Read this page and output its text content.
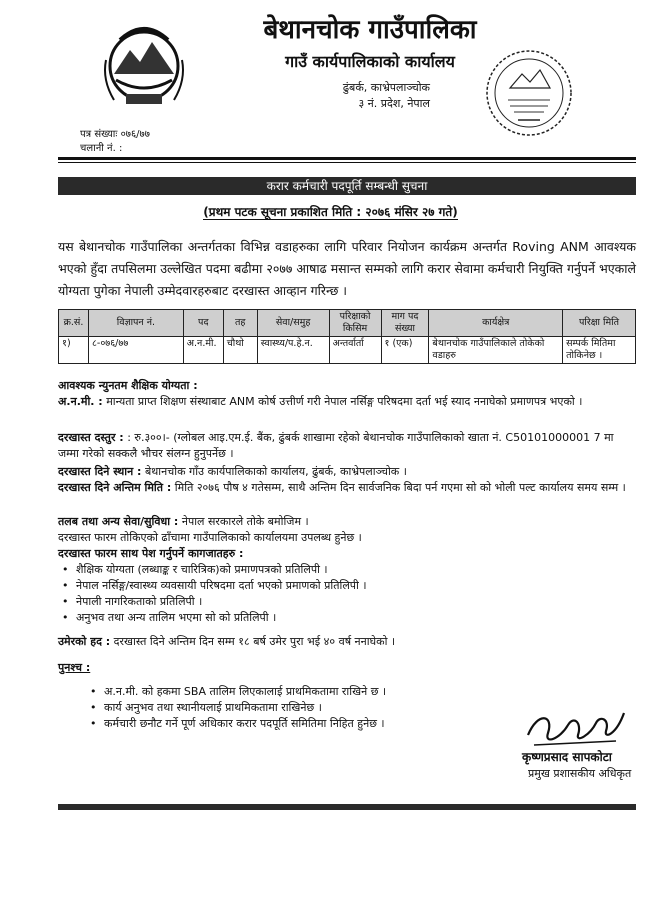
बेथानचोक गाउँपालिका
गाउँ कार्यपालिकाको कार्यालय
ढुंबर्क, काभ्रेपलाञ्चोक
३ नं. प्रदेश, नेपाल
पत्र संख्याः ०७६/७७
चलानी नं. :
करार कर्मचारी पदपूर्ति सम्बन्धी सुचना
(प्रथम पटक सूचना प्रकाशित मिति : २०७६ मंसिर २७ गते)
यस बेथानचोक गाउँपालिका अन्तर्गतका विभिन्न वडाहरुका लागि परिवार नियोजन कार्यक्रम अन्तर्गत Roving ANM आवश्यक भएको हुँदा तपसिलमा उल्लेखित पदमा बढीमा २०७७ आषाढ मसान्त सम्मको लागि करार सेवामा कर्मचारी नियुक्ति गर्नुपर्ने भएकाले योग्यता पुगेका नेपाली उम्मेदवारहरुबाट दरखास्त आव्हान गरिन्छ ।
क्र.सं.	विज्ञापन नं.	पद	तह	सेवा/समुह	परिक्षाको किसिम	माग पद संख्या	कार्यक्षेत्र	परिक्षा मिति
१)	८-०७६/७७	अ.न.मी.	चौथो	स्वास्थ्य/प.हे.न.	अन्तर्वार्ता	१ (एक)	बेथानचोक गाउँपालिकाले तोकेको वडाहरु	सम्पर्क मितिमा तोकिनेछ ।
आवश्यक न्युनतम शैक्षिक योग्यता :
अ.न.मी. : मान्यता प्राप्त शिक्षण संस्थाबाट ANM कोर्ष उत्तीर्ण गरी नेपाल नर्सिङ्ग परिषदमा दर्ता भई स्याद ननाघेको प्रमाणपत्र भएको ।
दरखास्त दस्तुर : : रु.३००।- (ग्लोबल आइ.एम.ई. बैंक, ढुंबर्क शाखामा रहेको बेथानचोक गाउँपालिकाको खाता नं. C50101000001 7 मा जम्मा गरेको सक्कलै भौचर संलग्न हुनुपर्नेछ ।
दरखास्त दिने स्थान : बेथानचोक गाँउ कार्यपालिकाको कार्यालय, ढुंबर्क, काभ्रेपलाञ्चोक ।
दरखास्त दिने अन्तिम मिति : मिति २०७६ पौष ४ गतेसम्म, साथै अन्तिम दिन सार्वजनिक बिदा पर्न गएमा सो को भोली पल्ट कार्यालय समय सम्म ।
तलब तथा अन्य सेवा/सुविधा : नेपाल सरकारले तोके बमोजिम ।
दरखास्त फारम तोकिएको ढाँचामा गाउँपालिकाको कार्यालयमा उपलब्ध हुनेछ ।
दरखास्त फारम साथ पेश गर्नुपर्ने कागजातहरु :
• शैक्षिक योग्यता (लब्धाङ्क र चारित्रिक)को प्रमाणपत्रको प्रतिलिपी ।
• नेपाल नर्सिङ्ग/स्वास्थ्य व्यवसायी परिषदमा दर्ता भएको प्रमाणको प्रतिलिपी ।
• नेपाली नागरिकताको प्रतिलिपी ।
• अनुभव तथा अन्य तालिम भएमा सो को प्रतिलिपी ।
उमेरको हद : दरखास्त दिने अन्तिम दिन सम्म १८ बर्ष उमेर पुरा भई ४० वर्ष ननाघेको ।
पुनश्च :
• अ.न.मी. को हकमा SBA तालिम लिएकालाई प्राथमिकतामा राखिने छ ।
• कार्य अनुभव तथा स्थानीयलाई प्राथमिकतामा राखिनेछ ।
• कर्मचारी छनौट गर्ने पूर्ण अधिकार करार पदपूर्ति समितिमा निहित हुनेछ ।
कृष्णप्रसाद सापकोटा
प्रमुख प्रशासकीय अधिकृत
